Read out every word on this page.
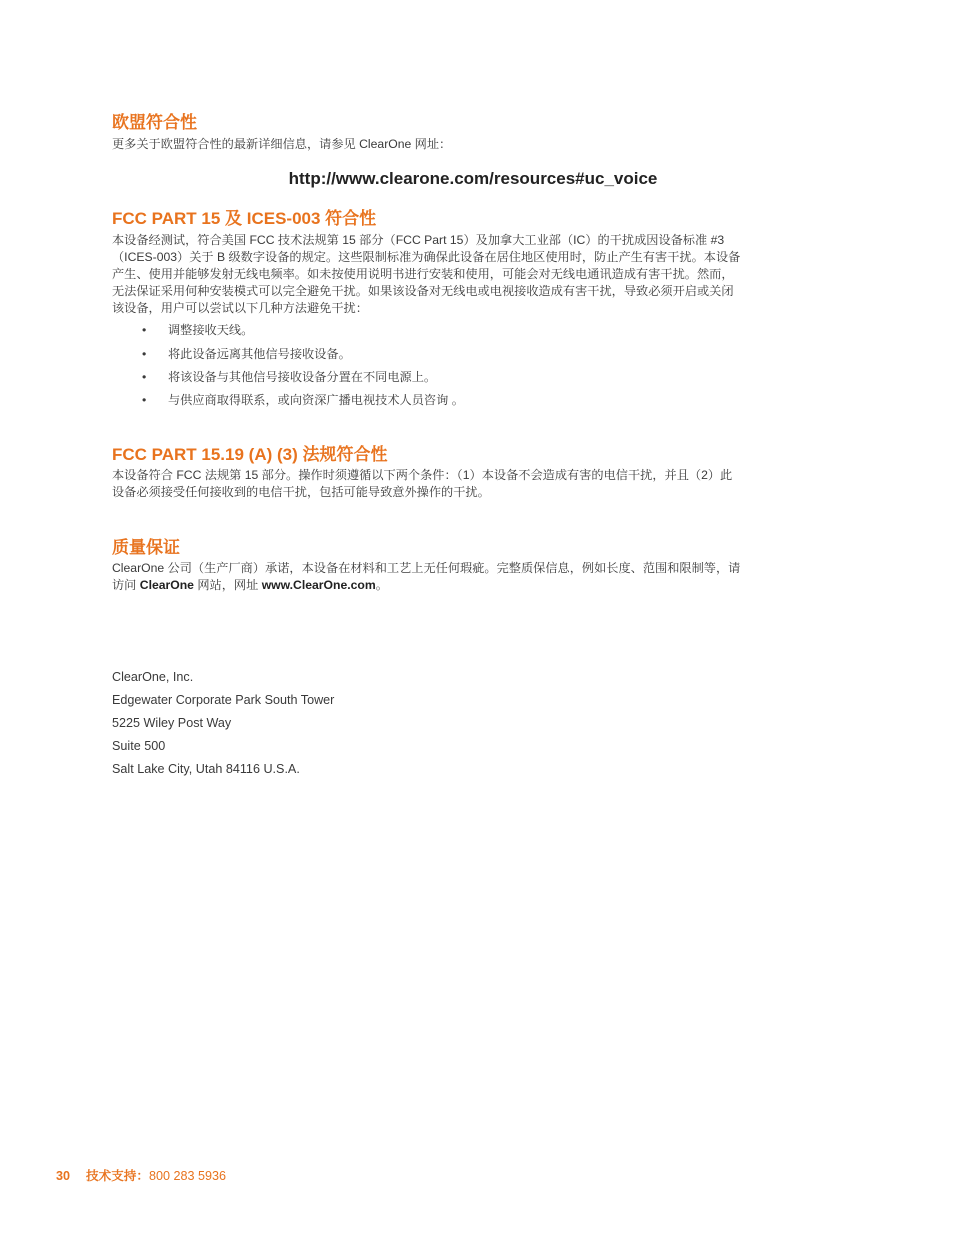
欧盟符合性

更多关于欧盟符合性的最新详细信息，请参见 ClearOne 网址：

http://www.clearone.com/resources#uc_voice
FCC PART 15 及 ICES-003 符合性
本设备经测试，符合美国 FCC 技术法规第 15 部分（FCC Part 15）及加拿大工业部（IC）的干扰成因设备标准 #3
（ICES-003）关于 B 级数字设备的规定。这些限制标准为确保此设备在居住地区使用时，防止产生有害干扰。本设备
产生、使用并能够发射无线电频率。如未按使用说明书进行安装和使用，可能会对无线电通讯造成有害干扰。然而，
无法保证采用何种安装模式可以完全避免干扰。如果该设备对无线电或电视接收造成有害干扰，导致必须开启或关闭
该设备，用户可以尝试以下几种方法避免干扰：
• 调整接收天线。
• 将此设备远离其他信号接收设备。
• 将该设备与其他信号接收设备分置在不同电源上。
• 与供应商取得联系，或向资深广播电视技术人员咨询 。
FCC PART 15.19 (A) (3) 法规符合性
本设备符合 FCC 法规第 15 部分。操作时须遵循以下两个条件：（1）本设备不会造成有害的电信干扰，并且（2）此
设备必须接受任何接收到的电信干扰，包括可能导致意外操作的干扰。
质量保证
ClearOne 公司（生产厂商）承诺，本设备在材料和工艺上无任何瑕疵。完整质保信息，例如长度、范围和限制等，请
访问 ClearOne 网站，网址 www.ClearOne.com。
ClearOne, Inc.
Edgewater Corporate Park South Tower
5225 Wiley Post Way
Suite 500
Salt Lake City, Utah 84116 U.S.A.
30 技术支持：800 283 5936
